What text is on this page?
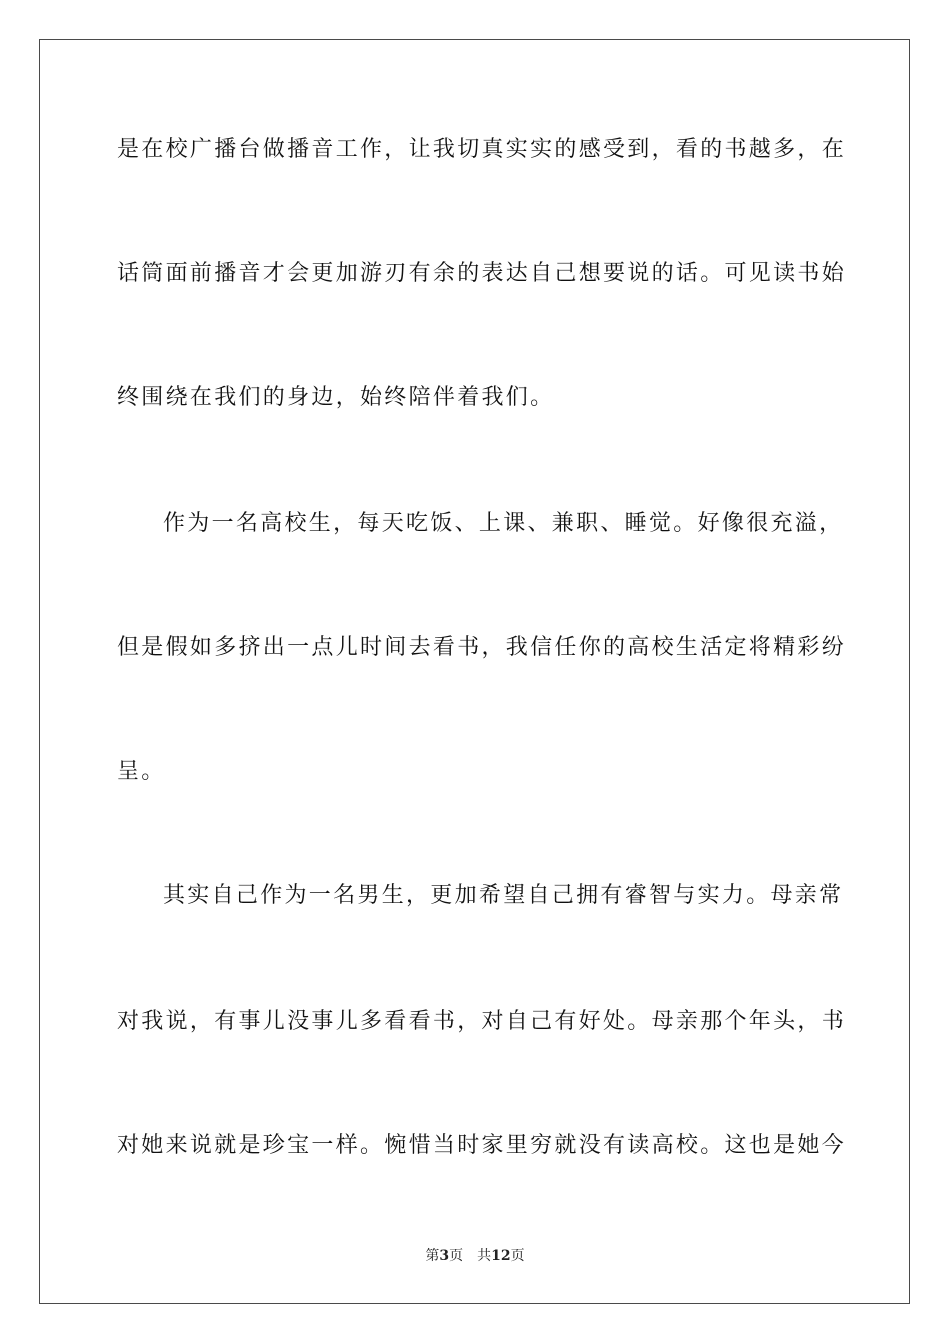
是在校广播台做播音工作，让我切真实实的感受到，看的书越多，在
话筒面前播音才会更加游刃有余的表达自己想要说的话。可见读书始
终围绕在我们的身边，始终陪伴着我们。
作为一名高校生，每天吃饭、上课、兼职、睡觉。好像很充溢，
但是假如多挤出一点儿时间去看书，我信任你的高校生活定将精彩纷
呈。
其实自己作为一名男生，更加希望自己拥有睿智与实力。母亲常
对我说，有事儿没事儿多看看书，对自己有好处。母亲那个年头，书
对她来说就是珍宝一样。惋惜当时家里穷就没有读高校。这也是她今
第3页　共12页
